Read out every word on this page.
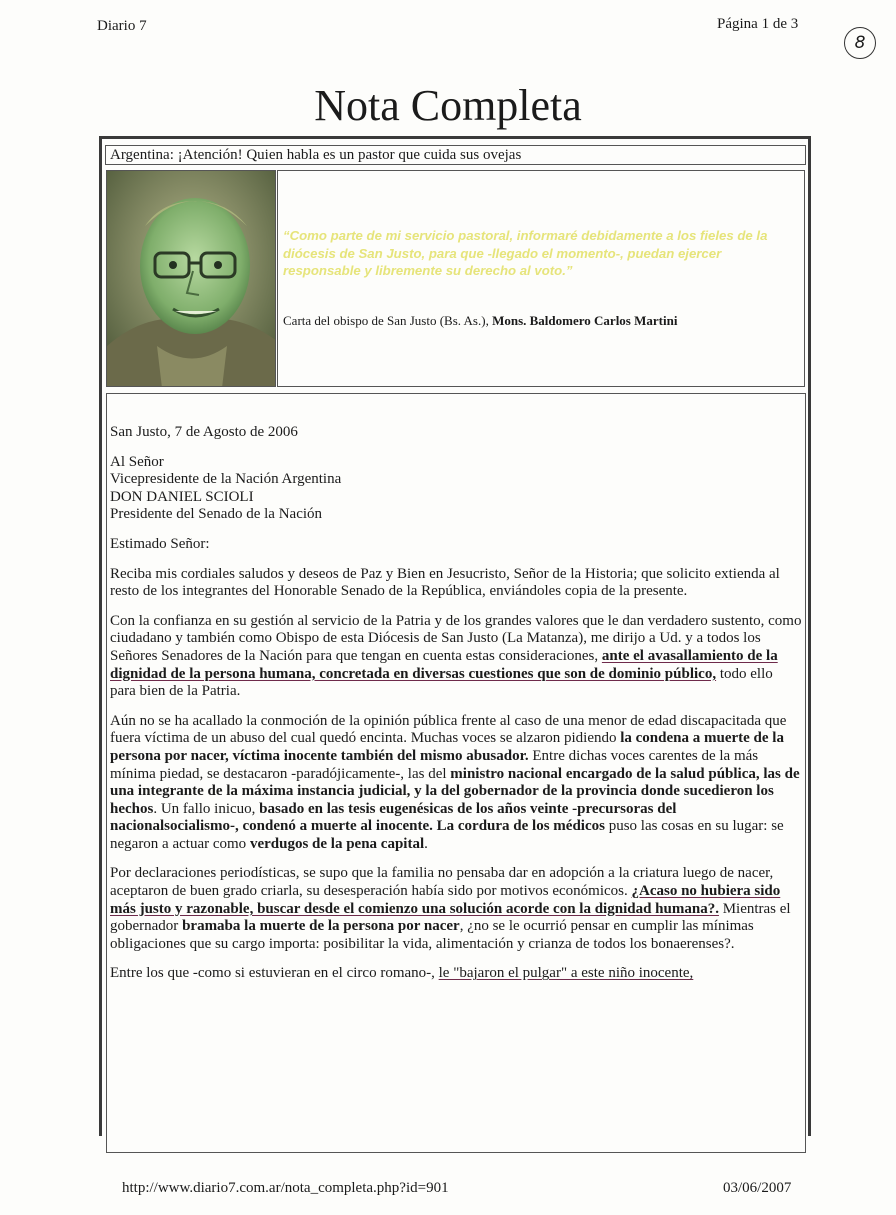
Diario 7	Página 1 de 3
8
Nota Completa
Argentina: ¡Atención! Quien habla es un pastor que cuida sus ovejas
“Como parte de mi servicio pastoral, informaré debidamente a los fieles de la diócesis de San Justo, para que -llegado el momento-, puedan ejercer responsable y libremente su derecho al voto.”
Carta del obispo de San Justo (Bs. As.), Mons. Baldomero Carlos Martini

San Justo, 7 de Agosto de 2006

Al Señor
Vicepresidente de la Nación Argentina
DON DANIEL SCIOLI
Presidente del Senado de la Nación

Estimado Señor:

Reciba mis cordiales saludos y deseos de Paz y Bien en Jesucristo, Señor de la Historia; que solicito extienda al resto de los integrantes del Honorable Senado de la República, enviándoles copia de la presente.

Con la confianza en su gestión al servicio de la Patria y de los grandes valores que le dan verdadero sustento, como ciudadano y también como Obispo de esta Diócesis de San Justo (La Matanza), me dirijo a Ud. y a todos los Señores Senadores de la Nación para que tengan en cuenta estas consideraciones, ante el avasallamiento de la dignidad de la persona humana, concretada en diversas cuestiones que son de dominio público, todo ello para bien de la Patria.

Aún no se ha acallado la conmoción de la opinión pública frente al caso de una menor de edad discapacitada que fuera víctima de un abuso del cual quedó encinta. Muchas voces se alzaron pidiendo la condena a muerte de la persona por nacer, víctima inocente también del mismo abusador. Entre dichas voces carentes de la más mínima piedad, se destacaron -paradójicamente-, las del ministro nacional encargado de la salud pública, las de una integrante de la máxima instancia judicial, y la del gobernador de la provincia donde sucedieron los hechos. Un fallo inicuo, basado en las tesis eugenésicas de los años veinte -precursoras del nacionalsocialismo-, condenó a muerte al inocente. La cordura de los médicos puso las cosas en su lugar: se negaron a actuar como verdugos de la pena capital.

Por declaraciones periodísticas, se supo que la familia no pensaba dar en adopción a la criatura luego de nacer, aceptaron de buen grado criarla, su desesperación había sido por motivos económicos. ¿Acaso no hubiera sido más justo y razonable, buscar desde el comienzo una solución acorde con la dignidad humana?. Mientras el gobernador bramaba la muerte de la persona por nacer, ¿no se le ocurrió pensar en cumplir las mínimas obligaciones que su cargo importa: posibilitar la vida, alimentación y crianza de todos los bonaerenses?.

Entre los que -como si estuvieran en el circo romano-, le "bajaron el pulgar" a este niño inocente,

http://www.diario7.com.ar/nota_completa.php?id=901	03/06/2007
